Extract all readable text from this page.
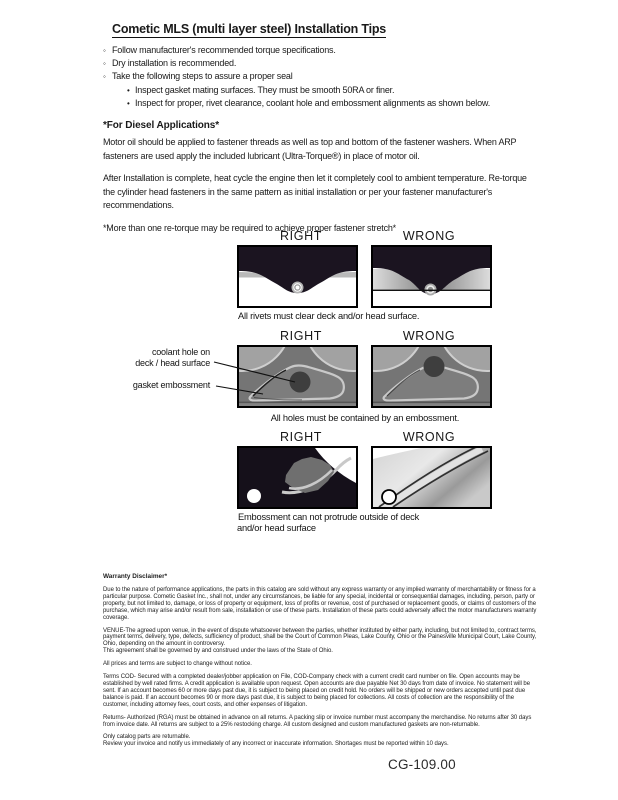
Cometic MLS (multi layer steel) Installation Tips
◦ Follow manufacturer's recommended torque specifications.
◦ Dry installation is recommended.
◦ Take the following steps to assure a proper seal
• Inspect gasket mating surfaces. They must be smooth 50RA or finer.
• Inspect for proper, rivet clearance, coolant hole and embossment alignments as shown below.
*For Diesel Applications*

Motor oil should be applied to fastener threads as well as top and bottom of the fastener washers. When ARP fasteners are used apply the included lubricant (Ultra-Torque®) in place of motor oil.

After Installation is complete, heat cycle the engine then let it completely cool to ambient temperature. Re-torque the cylinder head fasteners in the same pattern as initial installation or per your fastener manufacturer's recommendations.

*More than one re-torque may be required to achieve proper fastener stretch*

RIGHT	WRONG
All rivets must clear deck and/or head surface.
RIGHT	WRONG
All holes must be contained by an embossment.
RIGHT	WRONG
Embossment can not protrude outside of deck
and/or head surface
coolant hole on
deck / head surface
gasket embossment
Warranty Disclaimer*

Due to the nature of performance applications, the parts in this catalog are sold without any express warranty or any implied warranty of merchantability or fitness for a particular purpose. Cometic Gasket Inc., shall not, under any circumstances, be liable for any special, incidental or consequential damages, including, person, party or property, but not limited to, damage, or loss of property or equipment, loss of profits or revenue, cost of purchased or replacement goods, or claims of customers of the purchase, which may arise and/or result from sale, installation or use of these parts. Installation of these parts could adversely affect the motor manufacturers warranty coverage.

VENUE-The agreed upon venue, in the event of dispute whatsoever between the parties, whether instituted by either party, including, but not limited to, contract terms, payment terms, delivery, type, defects, sufficiency of product, shall be the Court of Common Pleas, Lake County, Ohio or the Painesville Municipal Court, Lake County, Ohio, depending on the amount in controversy.

This agreement shall be governed by and construed under the laws of the State of Ohio.

All prices and terms are subject to change without notice.

Terms COD- Secured with a completed dealer/jobber application on File, COD-Company check with a current credit card number on file. Open accounts may be established by well rated firms. A credit application is available upon request. Open accounts are due payable Net 30 days from date of invoice. No statement will be sent. If an account becomes 60 or more days past due, it is subject to being placed on credit hold. No orders will be shipped or new orders accepted until past due balance is paid. If an account becomes 90 or more days past due, it is subject to being placed for collections. All costs of collection are the responsibility of the customer, including attorney fees, court costs, and other expenses of litigation.

Returns- Authorized (RGA) must be obtained in advance on all returns. A packing slip or invoice number must accompany the merchandise. No returns after 30 days from invoice date. All returns are subject to a 25% restocking charge. All custom designed and custom manufactured gaskets are non-returnable.

Only catalog parts are returnable.

Review your invoice and notify us immediately of any incorrect or inaccurate information. Shortages must be reported within 10 days.

CG-109.00
